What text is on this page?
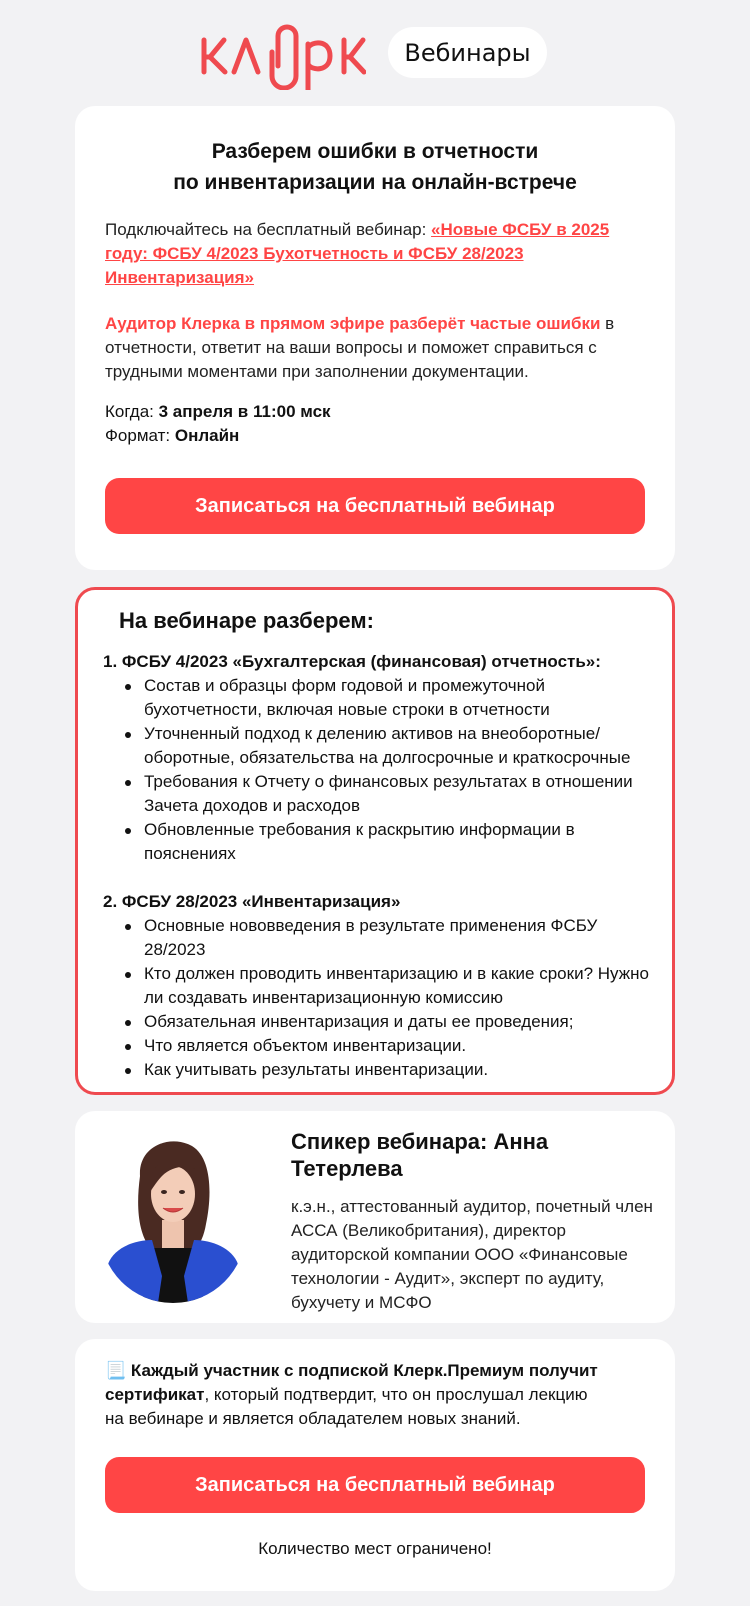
Вебинары
Разберем ошибки в отчетности
по инвентаризации на онлайн-встрече

Подключайтесь на бесплатный вебинар: «Новые ФСБУ в 2025 году: ФСБУ 4/2023 Бухотчетность и ФСБУ 28/2023 Инвентаризация»

Аудитор Клерка в прямом эфире разберёт частые ошибки в отчетности, ответит на ваши вопросы и поможет справиться с трудными моментами при заполнении документации.

Когда: 3 апреля в 11:00 мск

Формат: Онлайн

Записаться на бесплатный вебинар
На вебинаре разберем:
1. ФСБУ 4/2023 «Бухгалтерская (финансовая) отчетность»:
Состав и образцы форм годовой и промежуточной бухотчетности, включая новые строки в отчетности
Уточненный подход к делению активов на внеоборотные/оборотные, обязательства на долгосрочные и краткосрочные
Требования к Отчету о финансовых результатах в отношении Зачета доходов и расходов
Обновленные требования к раскрытию информации в пояснениях
2. ФСБУ 28/2023 «Инвентаризация»
Основные нововведения в результате применения ФСБУ 28/2023
Кто должен проводить инвентаризацию и в какие сроки? Нужно ли создавать инвентаризационную комиссию
Обязательная инвентаризация и даты ее проведения;
Что является объектом инвентаризации.
Как учитывать результаты инвентаризации.
Спикер вебинара: Анна Тетерлева
к.э.н., аттестованный аудитор, почетный член АССА (Великобритания), директор аудиторской компании ООО «Финансовые технологии - Аудит», эксперт по аудиту, бухучету и МСФО

📃 Каждый участник с подпиской Клерк.Премиум получит сертификат, который подтвердит, что он прослушал лекцию
на вебинаре и является обладателем новых знаний.

Записаться на бесплатный вебинар

Количество мест ограничено!
